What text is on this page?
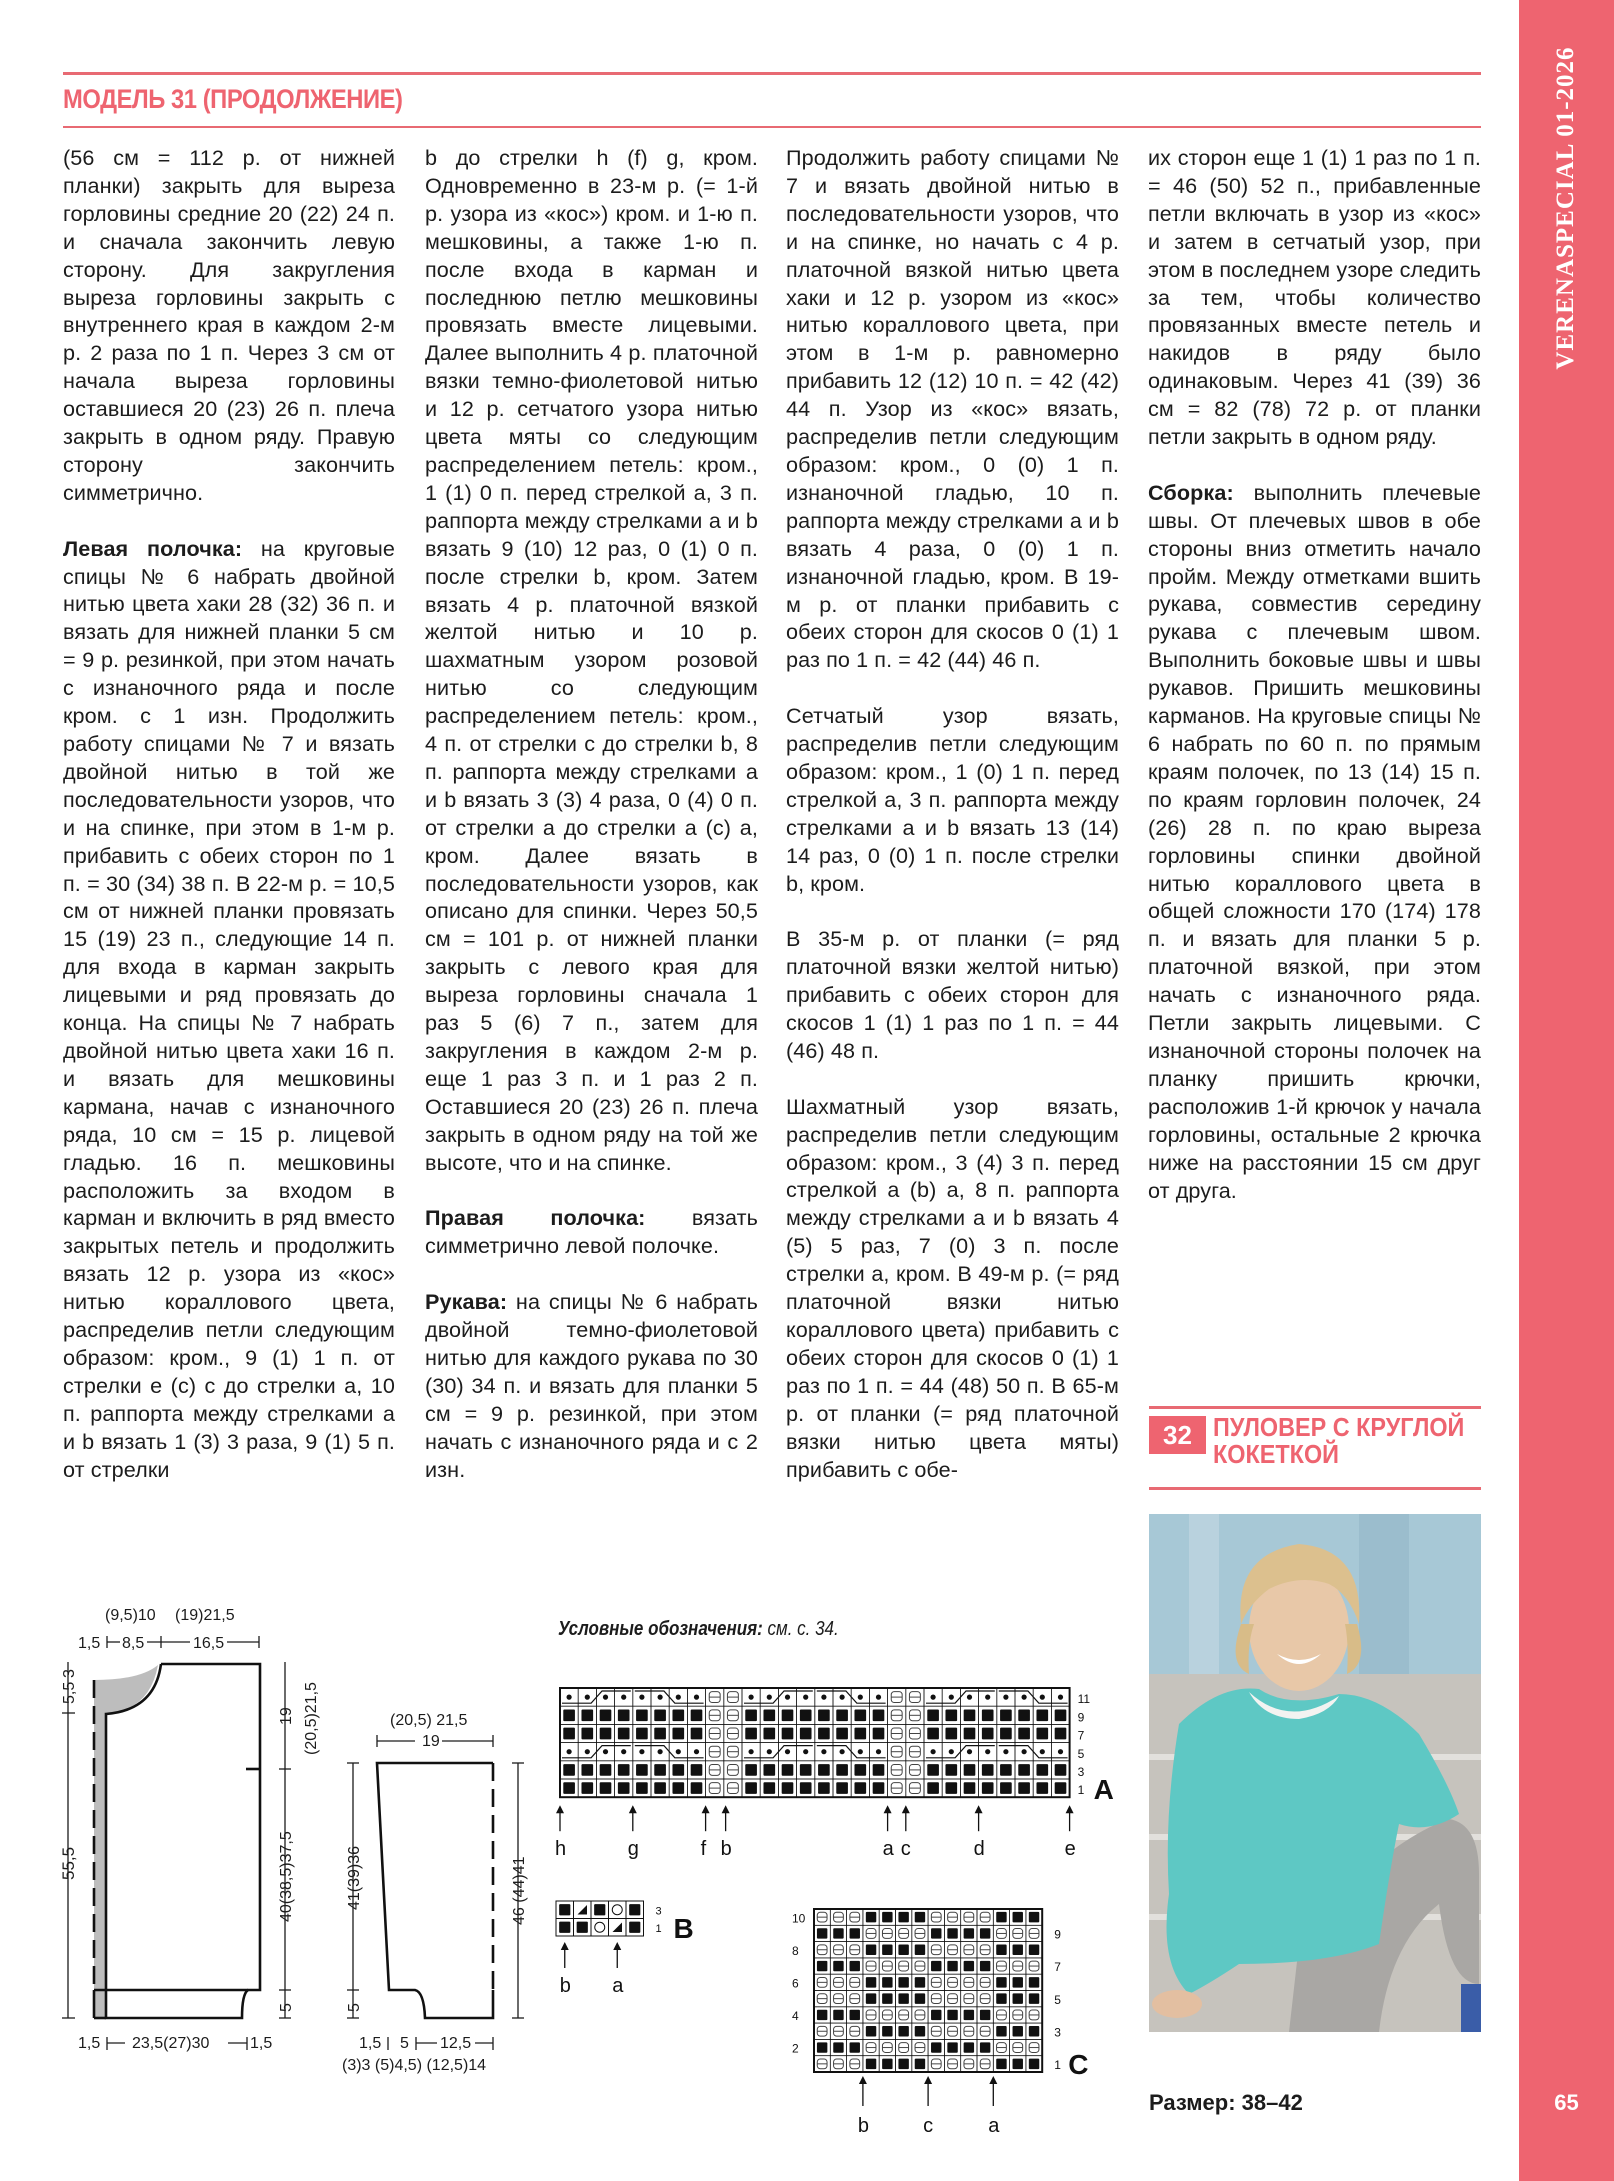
VERENASPECIAL 01-2026
65
МОДЕЛЬ 31 (ПРОДОЛЖЕНИЕ)

(56 см = 112 р. от нижней планки) закрыть для выреза горловины средние 20 (22) 24 п. и сначала закончить левую сторону. Для закругления выреза горловины закрыть с внутреннего края в каждом 2-м р. 2 раза по 1 п. Через 3 см от начала выреза горловины оставшиеся 20 (23) 26 п. плеча закрыть в одном ряду. Правую сторону закончить симметрично.

Левая полочка: на круговые спицы № 6 набрать двойной нитью цвета хаки 28 (32) 36 п. и вязать для нижней планки 5 см = 9 р. резинкой, при этом начать с изнаночного ряда и после кром. с 1 изн. Продолжить работу спицами № 7 и вязать двойной нитью в той же последовательности узоров, что и на спинке, при этом в 1-м р. прибавить с обеих сторон по 1 п. = 30 (34) 38 п. В 22-м р. = 10,5 см от нижней планки провязать 15 (19) 23 п., следующие 14 п. для входа в карман закрыть лицевыми и ряд провязать до конца. На спицы № 7 набрать двойной нитью цвета хаки 16 п. и вязать для мешковины кармана, начав с изнаночного ряда, 10 см = 15 р. лицевой гладью. 16 п. мешковины расположить за входом в карман и включить в ряд вместо закрытых петель и продолжить вязать 12 р. узора из «кос» нитью кораллового цвета, распределив петли следующим образом: кром., 9 (1) 1 п. от стрелки e (c) с до стрелки a, 10 п. раппорта между стрелками a и b вязать 1 (3) 3 раза, 9 (1) 5 п. от стрелки

b до стрелки h (f) g, кром. Одновременно в 23-м р. (= 1-й р. узора из «кос») кром. и 1-ю п. мешковины, а также 1-ю п. после входа в карман и последнюю петлю мешковины провязать вместе лицевыми. Далее выполнить 4 р. платочной вязки темно-фиолетовой нитью и 12 р. сетчатого узора нитью цвета мяты со следующим распределением петель: кром., 1 (1) 0 п. перед стрелкой a, 3 п. раппорта между стрелками a и b вязать 9 (10) 12 раз, 0 (1) 0 п. после стрелки b, кром. Затем вязать 4 р. платочной вязкой желтой нитью и 10 р. шахматным узором розовой нитью со следующим распределением петель: кром., 4 п. от стрелки c до стрелки b, 8 п. раппорта между стрелками a и b вязать 3 (3) 4 раза, 0 (4) 0 п. от стрелки a до стрелки a (c) a, кром. Далее вязать в последовательности узоров, как описано для спинки. Через 50,5 см = 101 р. от нижней планки закрыть с левого края для выреза горловины сначала 1 раз 5 (6) 7 п., затем для закругления в каждом 2-м р. еще 1 раз 3 п. и 1 раз 2 п. Оставшиеся 20 (23) 26 п. плеча закрыть в одном ряду на той же высоте, что и на спинке.

Правая полочка: вязать симметрично левой полочке.

Рукава: на спицы № 6 набрать двойной темно-фиолетовой нитью для каждого рукава по 30 (30) 34 п. и вязать для планки 5 см = 9 р. резинкой, при этом начать с изнаночного ряда и с 2 изн.

Продолжить работу спицами № 7 и вязать двойной нитью в последовательности узоров, что и на спинке, но начать с 4 р. платочной вязкой нитью цвета хаки и 12 р. узором из «кос» нитью кораллового цвета, при этом в 1-м р. равномерно прибавить 12 (12) 10 п. = 42 (42) 44 п. Узор из «кос» вязать, распределив петли следующим образом: кром., 0 (0) 1 п. изнаночной гладью, 10 п. раппорта между стрелками a и b вязать 4 раза, 0 (0) 1 п. изнаночной гладью, кром. В 19-м р. от планки прибавить с обеих сторон для скосов 0 (1) 1 раз по 1 п. = 42 (44) 46 п.

Сетчатый узор вязать, распределив петли следующим образом: кром., 1 (0) 1 п. перед стрелкой a, 3 п. раппорта между стрелками a и b вязать 13 (14) 14 раз, 0 (0) 1 п. после стрелки b, кром.

В 35-м р. от планки (= ряд платочной вязки желтой нитью) прибавить с обеих сторон для скосов 1 (1) 1 раз по 1 п. = 44 (46) 48 п.

Шахматный узор вязать, распределив петли следующим образом: кром., 3 (4) 3 п. перед стрелкой a (b) a, 8 п. раппорта между стрелками a и b вязать 4 (5) 5 раз, 7 (0) 3 п. после стрелки a, кром. В 49-м р. (= ряд платочной вязки нитью кораллового цвета) прибавить с обеих сторон для скосов 0 (1) 1 раз по 1 п. = 44 (48) 50 п. В 65-м р. от планки (= ряд платочной вязки нитью цвета мяты) прибавить с обе-

их сторон еще 1 (1) 1 раз по 1 п. = 46 (50) 52 п., прибавленные петли включать в узор из «кос» и затем в сетчатый узор, при этом в последнем узоре следить за тем, чтобы количество провязанных вместе петель и накидов в ряду было одинаковым. Через 41 (39) 36 см = 82 (78) 72 р. от планки петли закрыть в одном ряду.

Сборка: выполнить плечевые швы. От плечевых швов в обе стороны вниз отметить начало пройм. Между отметками вшить рукава, совместив середину рукава с плечевым швом. Выполнить боковые швы и швы рукавов. Пришить мешковины карманов. На круговые спицы № 6 набрать по 60 п. по прямым краям полочек, по 13 (14) 15 п. по краям горловин полочек, 24 (26) 28 п. по краю выреза горловины спинки двойной нитью кораллового цвета в общей сложности 170 (174) 178 п. и вязать для планки 5 р. платочной вязкой, при этом начать с изнаночного ряда. Петли закрыть лицевыми. С изнаночной стороны полочек на планку пришить крючки, расположив 1-й крючок у начала горловины, остальные 2 крючка ниже на расстоянии 15 см друг от друга.

32 ПУЛОВЕР С КРУГЛОЙ
КОКЕТКОЙ
Размер: 38–42
(9,5)10 (19)21,5
1,5 8,5	16,5
5,5
3
55,5
19 (20,5)21,5
40(38,5)37,5
5
1,5 23,5(27)30	1,5
(20,5) 21,5
19
41(39)36
5
46 (44)41
1,5 5 12,5
(3)3 (5)4,5) (12,5)14
Условные обозначения: см. с. 34.
11
9
7
5
3
1 A
h	g	f b	a c	d	e
3
1 B
b a
10
9
8
7
6
5
4
3
2
1 C
b	c	a
